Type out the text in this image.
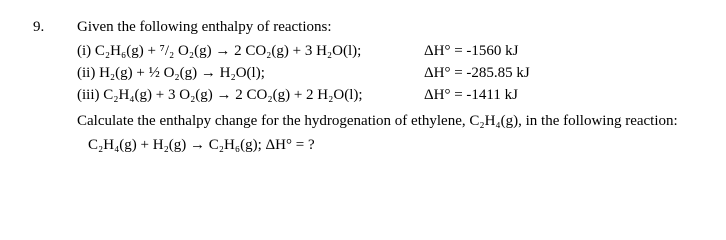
9. Given the following enthalpy of reactions:
(i) C₂H₆(g) + ⁷/₂ O₂(g) → 2 CO₂(g) + 3 H₂O(l);	ΔH° = -1560 kJ
(ii) H₂(g) + ½ O₂(g) → H₂O(l);	ΔH° = -285.85 kJ
(iii) C₂H₄(g) + 3 O₂(g) → 2 CO₂(g) + 2 H₂O(l);	ΔH° = -1411 kJ
Calculate the enthalpy change for the hydrogenation of ethylene, C₂H₄(g), in the following reaction:
C₂H₄(g) + H₂(g) → C₂H₆(g); ΔH° = ?
